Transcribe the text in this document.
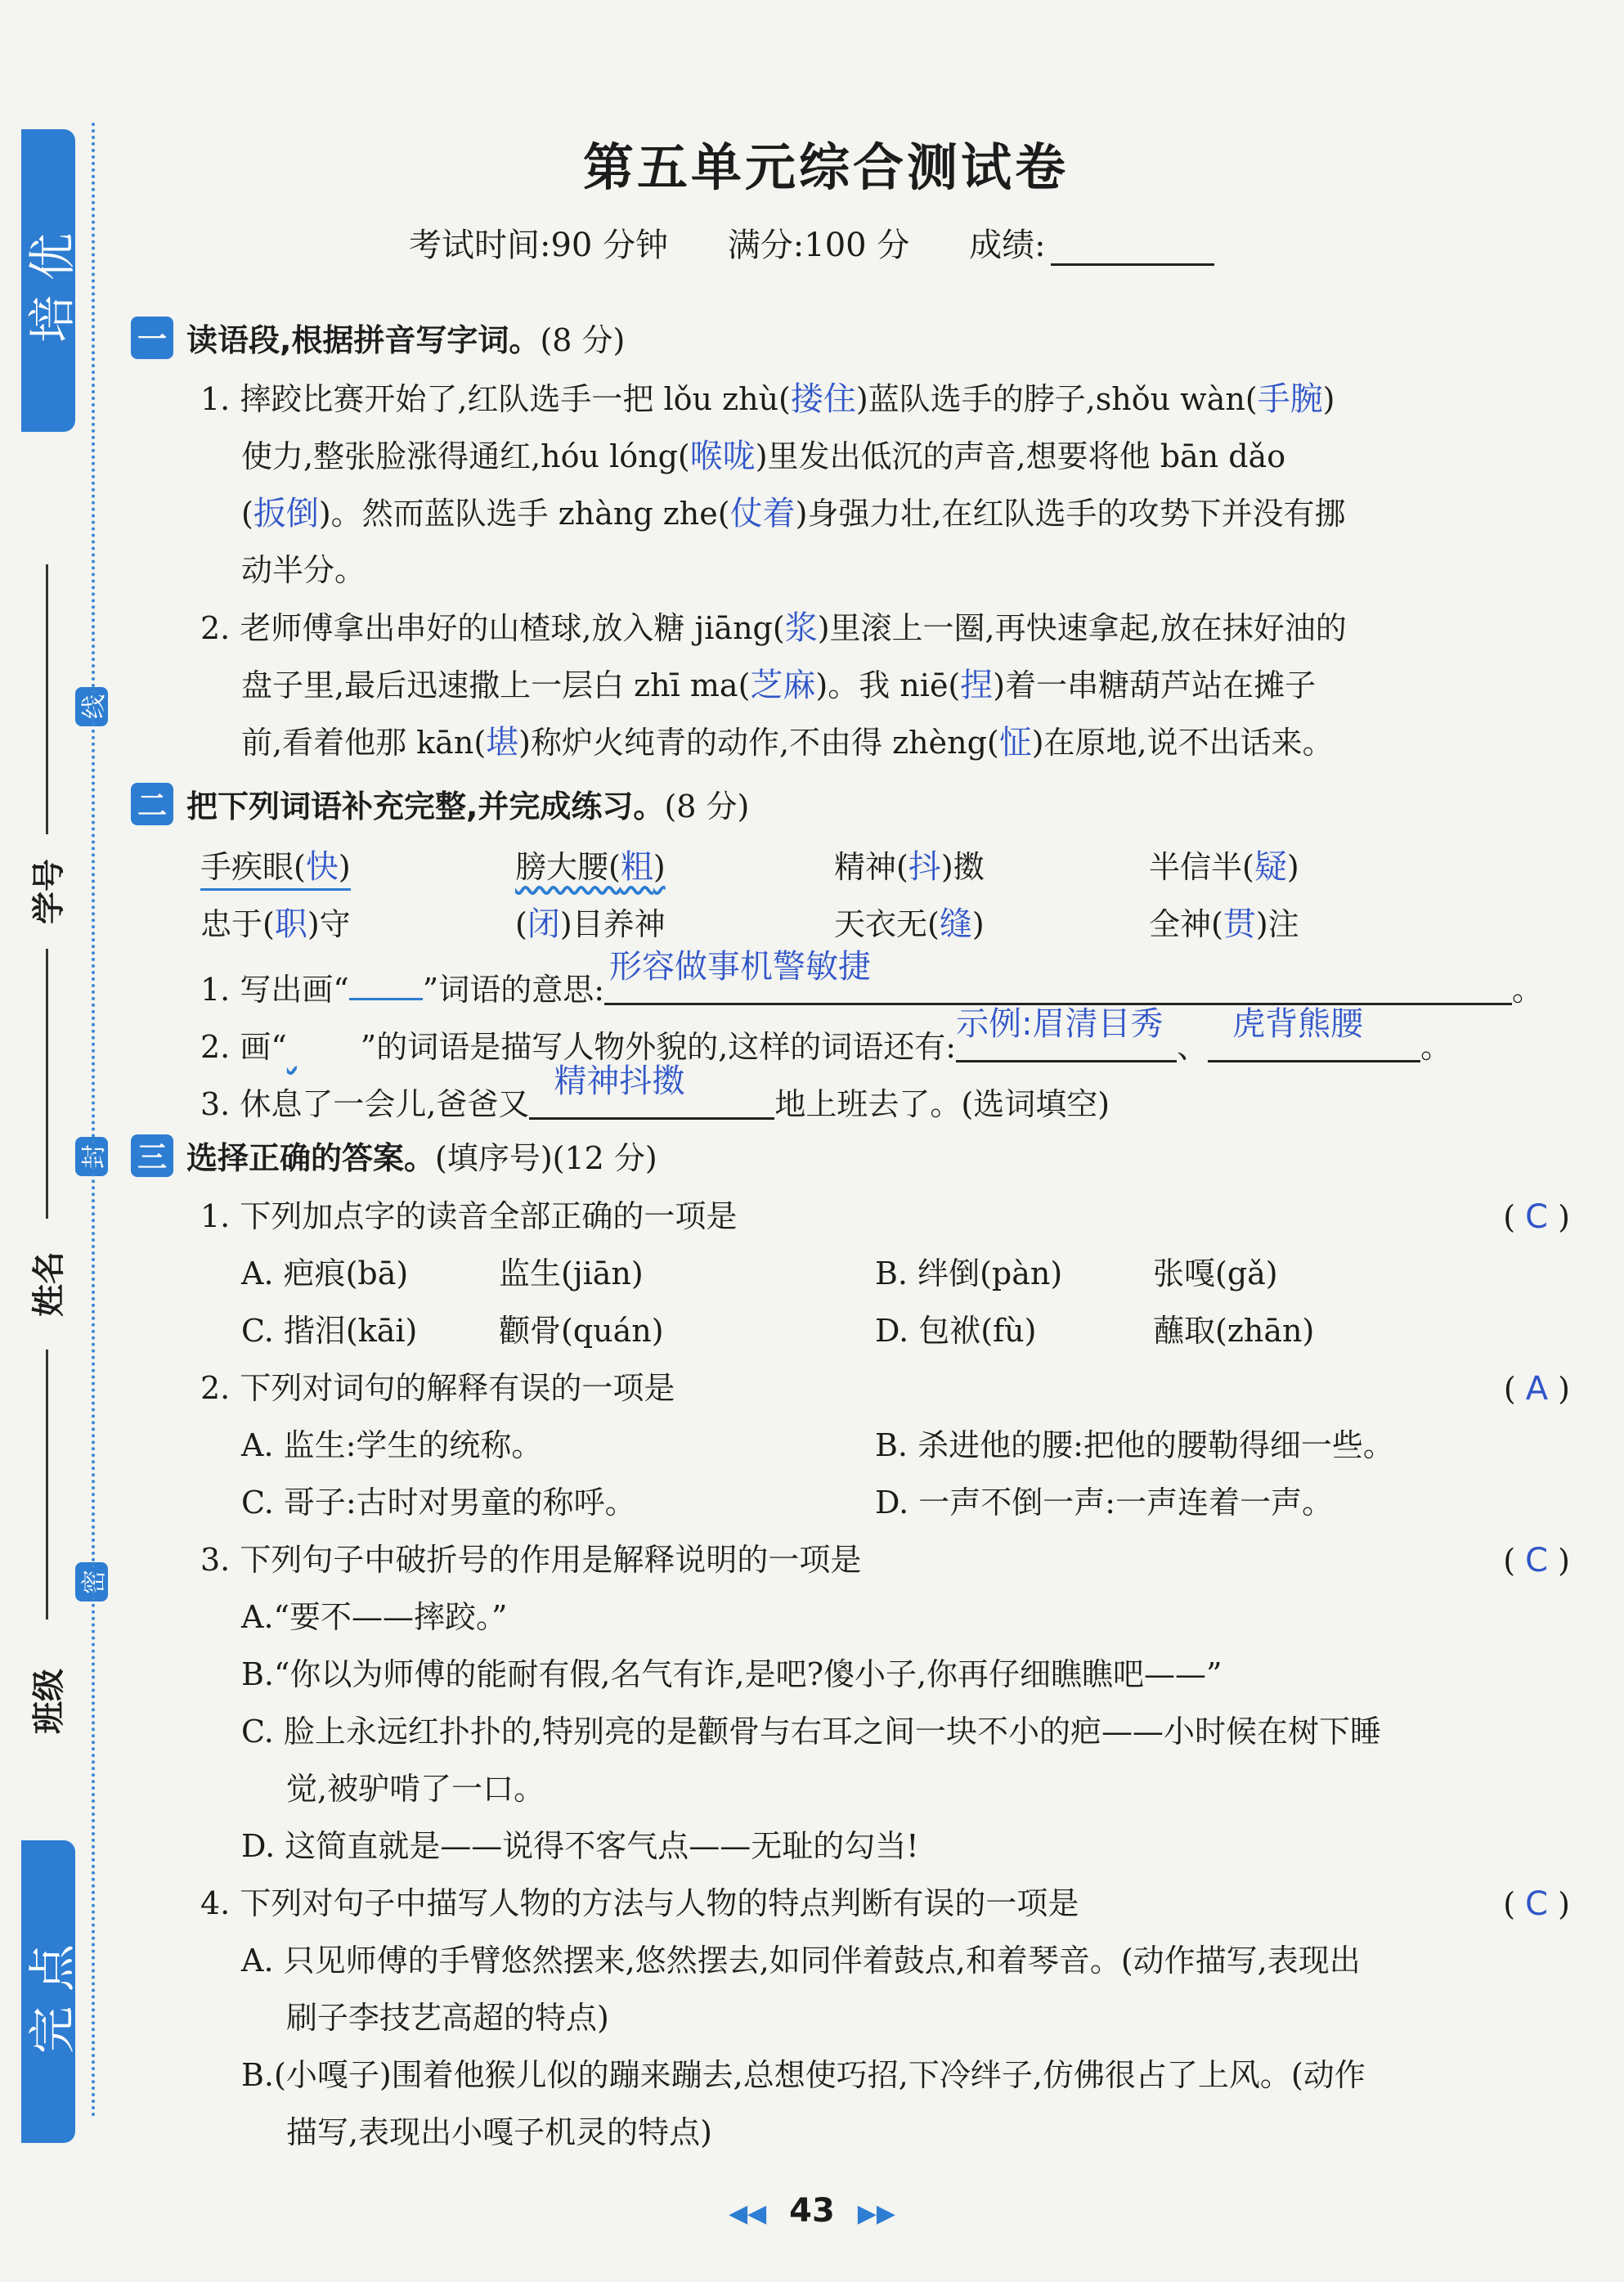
培优
完点
学号
姓名
班级
线
封
密
第五单元综合测试卷
考试时间:90 分钟 满分:100 分 成绩:
一 读语段,根据拼音写字词。 (8 分)
1. 摔跤比赛开始了,红队选手一把 lǒu zhù(搂住)蓝队选手的脖子,shǒu wàn(手腕)
使力,整张脸涨得通红,hóu lóng(喉咙)里发出低沉的声音,想要将他 bān dǎo
(扳倒)。然而蓝队选手 zhàng zhe(仗着)身强力壮,在红队选手的攻势下并没有挪
动半分。
2. 老师傅拿出串好的山楂球,放入糖 jiāng(浆)里滚上一圈,再快速拿起,放在抹好油的
盘子里,最后迅速撒上一层白 zhī ma(芝麻)。我 niē(捏)着一串糖葫芦站在摊子
前,看着他那 kān(堪)称炉火纯青的动作,不由得 zhèng(怔)在原地,说不出话来。
二 把下列词语补充完整,并完成练习。 (8 分)
手疾眼(快)	膀大腰(粗)	精神(抖)擞	半信半(疑)
忠于(职)守	(闭)目养神	天衣无(缝)	全神(贯)注
1. 写出画“ ”词语的意思:
形容做事机警敏捷
。
2. 画“ ”的词语是描写人物外貌的,这样的词语还有:
示例:眉清目秀
、
虎背熊腰
。
3. 休息了一会儿,爸爸又
精神抖擞
地上班去了。(选词填空)
三 选择正确的答案。 (填序号)(12 分)
1. 下列加点字的读音全部正确的一项是	( C )
A. 疤痕(bā)	监生(jiān)	B. 绊倒(pàn)	张嘎(gǎ)
C. 揩泪(kāi)	颧骨(quán)	D. 包袱(fù)	蘸取(zhān)
2. 下列对词句的解释有误的一项是	( A )
A. 监生:学生的统称。	B. 杀进他的腰:把他的腰勒得细一些。
C. 哥子:古时对男童的称呼。	D. 一声不倒一声:一声连着一声。
3. 下列句子中破折号的作用是解释说明的一项是	( C )
A.“要不——摔跤。”
B.“你以为师傅的能耐有假,名气有诈,是吧?傻小子,你再仔细瞧瞧吧——”
C. 脸上永远红扑扑的,特别亮的是颧骨与右耳之间一块不小的疤——小时候在树下睡
觉,被驴啃了一口。
D. 这简直就是——说得不客气点——无耻的勾当!
4. 下列对句子中描写人物的方法与人物的特点判断有误的一项是	( C )
A. 只见师傅的手臂悠然摆来,悠然摆去,如同伴着鼓点,和着琴音。(动作描写,表现出
刷子李技艺高超的特点)
B.(小嘎子)围着他猴儿似的蹦来蹦去,总想使巧招,下冷绊子,仿佛很占了上风。(动作
描写,表现出小嘎子机灵的特点)
◀◀ 43 ▶▶
